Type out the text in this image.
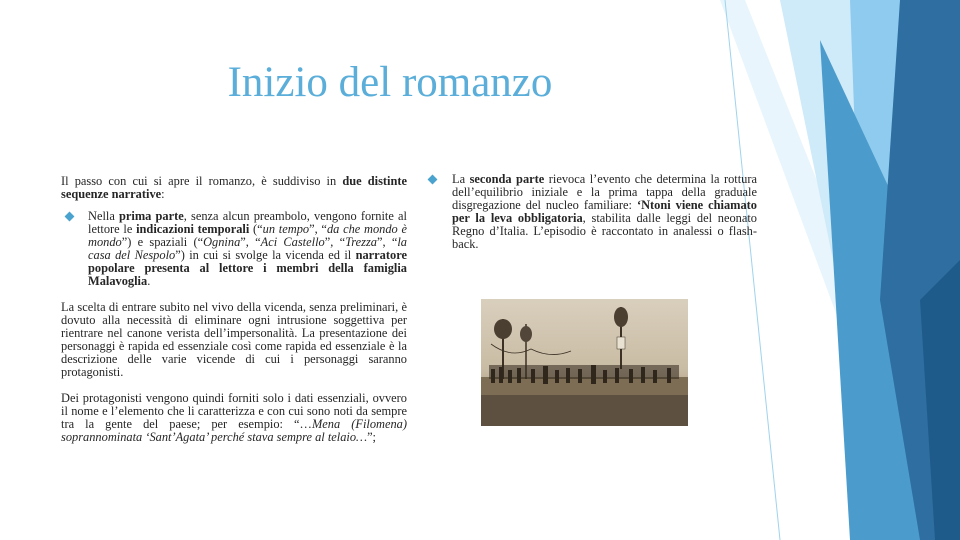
Inizio del romanzo

Il passo con cui si apre il romanzo, è suddiviso in due distinte sequenze narrative:

Nella prima parte, senza alcun preambolo, vengono fornite al lettore le indicazioni temporali (“un tempo”, “da che mondo è mondo”) e spaziali (“Ognina”, “Aci Castello”, “Trezza”, “la casa del Nespolo”) in cui si svolge la vicenda ed il narratore popolare presenta al lettore i membri della famiglia Malavoglia.

La scelta di entrare subito nel vivo della vicenda, senza preliminari, è dovuto alla necessità di eliminare ogni intrusione soggettiva per rientrare nel canone verista dell’impersonalità. La presentazione dei personaggi è rapida ed essenziale così come rapida ed essenziale è la descrizione delle varie vicende di cui i personaggi saranno protagonisti.

Dei protagonisti vengono quindi forniti solo i dati essenziali, ovvero il nome e l’elemento che li caratterizza e con cui sono noti da sempre tra la gente del paese; per esempio: “…Mena (Filomena) soprannominata ‘Sant’Agata’ perché stava sempre al telaio…”;

La seconda parte rievoca l’evento che determina la rottura dell’equilibrio iniziale e la prima tappa della graduale disgregazione del nucleo familiare: ‘Ntoni viene chiamato per la leva obbligatoria, stabilita dalle leggi del neonato Regno d’Italia. L’episodio è raccontato in analessi o flash-back.
